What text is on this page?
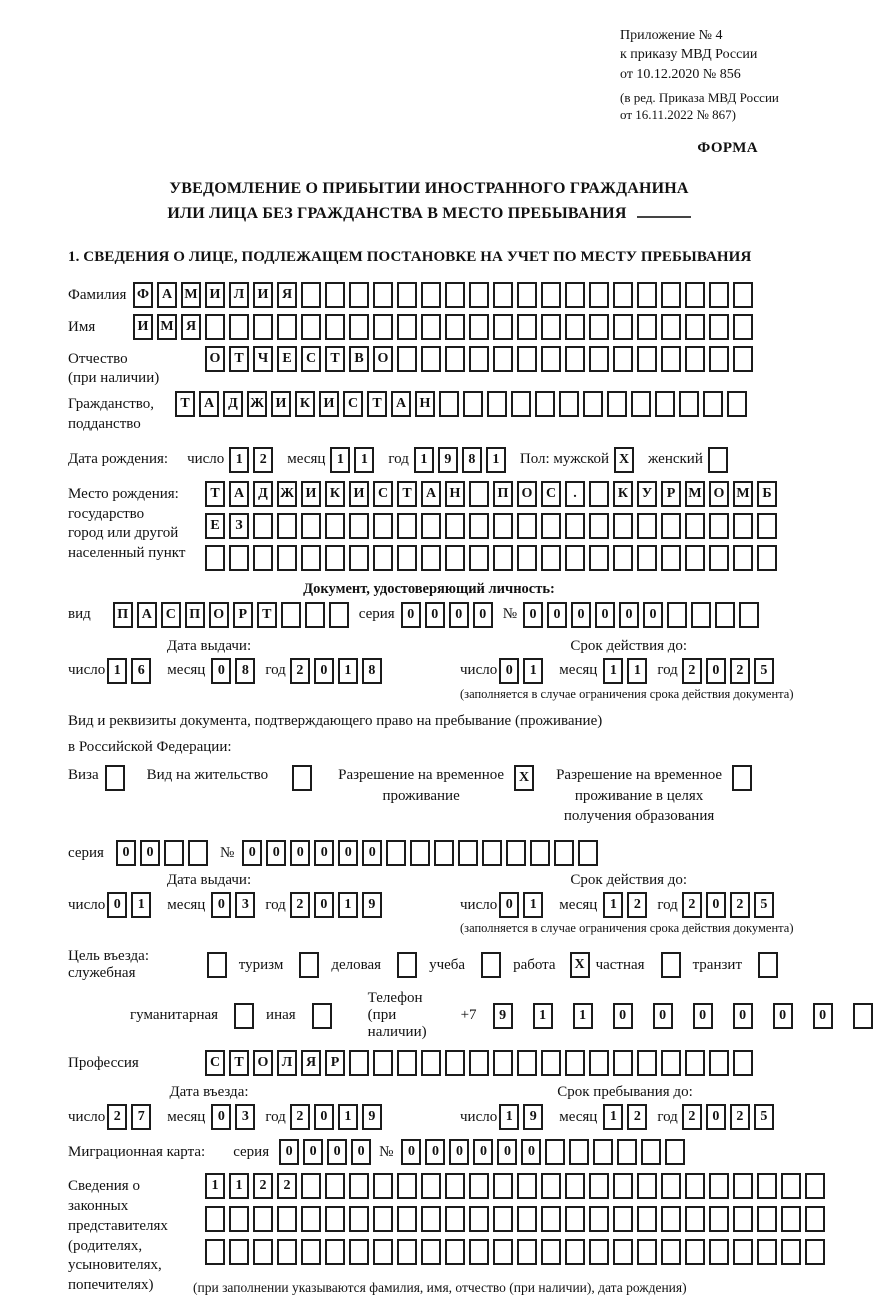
Приложение № 4
к приказу МВД России
от 10.12.2020 № 856
(в ред. Приказа МВД России
от 16.11.2022 № 867)
ФОРМА
УВЕДОМЛЕНИЕ О ПРИБЫТИИ ИНОСТРАННОГО ГРАЖДАНИНА
ИЛИ ЛИЦА БЕЗ ГРАЖДАНСТВА В МЕСТО ПРЕБЫВАНИЯ
1. СВЕДЕНИЯ О ЛИЦЕ, ПОДЛЕЖАЩЕМ ПОСТАНОВКЕ НА УЧЕТ ПО МЕСТУ ПРЕБЫВАНИЯ
Фамилия Ф А М И Л И Я
Имя	И М Я
Отчество
(при наличии)
О Т	Ч	Е	С	Т	В О
Гражданство,
подданство
Т	А	Д Ж И К И С	Т	А Н
Дата рождения: число 1	2	месяц 1	1	год 1	9	8	1	Пол: мужской X	женский
Место рождения:
государство
город или другой
населенный пункт
Т	А	Д Ж И К И С	Т	А Н	П О С	.	К У	Р М О М Б
Е	З
Документ, удостоверяющий личность:
вид	П А С П О	Р	Т	серия 0	0	0	0	№ 0	0	0	0	0	0
Дата выдачи:
число 1	6	месяц 0	8	год 2	0	1	8
Срок действия до:
число 0	1	месяц 1	1	год 2	0	2	5
(заполняется в случае ограничения срока действия документа)
Вид и реквизиты документа, подтверждающего право на пребывание (проживание)
в Российской Федерации:
Виза	Вид на жительство	Разрешение на временное
проживание
X	Разрешение на временное
проживание в целях
получения образования
серия	0	0	№	0	0	0	0	0	0
Дата выдачи:
число 0	1	месяц 0	3	год 2	0	1	9
Срок действия до:
число 0	1	месяц 1	2	год 2	0	2	5
(заполняется в случае ограничения срока действия документа)
Цель въезда: служебная
туризм	деловая	учеба	работа	X частная	транзит
гуманитарная	иная
Телефон (при наличии)
+7	9	1	1	0	0	0	0	0	0
Профессия	С	Т О Л Я	Р
Дата въезда:
число 2	7	месяц 0	3	год 2	0	1	9
Срок пребывания до:
число 1	9	месяц 1	2	год 2	0	2	5
Миграционная карта: серия	0	0	0	0 №	0	0	0	0	0	0
Сведения о
законных
представителях
(родителях,
усыновителях,
попечителях)
1	1	2	2
(при заполнении указываются фамилия, имя, отчество (при наличии), дата рождения)
